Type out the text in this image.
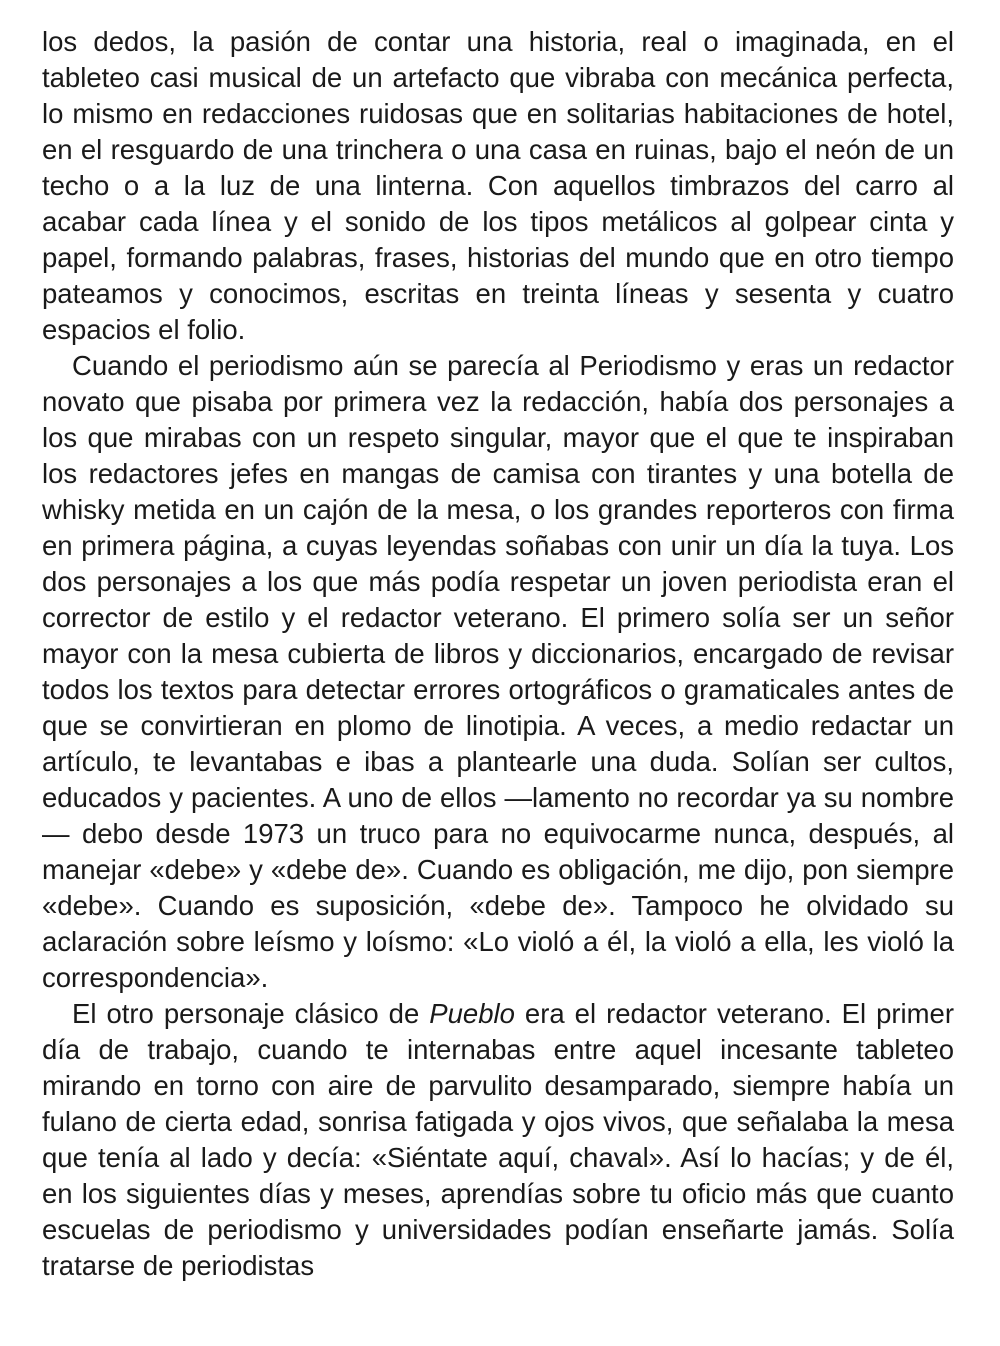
los dedos, la pasión de contar una historia, real o imaginada, en el tableteo casi musical de un artefacto que vibraba con mecánica perfecta, lo mismo en redacciones ruidosas que en solitarias habitaciones de hotel, en el resguardo de una trinchera o una casa en ruinas, bajo el neón de un techo o a la luz de una linterna. Con aquellos timbrazos del carro al acabar cada línea y el sonido de los tipos metálicos al golpear cinta y papel, formando palabras, frases, historias del mundo que en otro tiempo pateamos y conocimos, escritas en treinta líneas y sesenta y cuatro espacios el folio.

Cuando el periodismo aún se parecía al Periodismo y eras un redactor novato que pisaba por primera vez la redacción, había dos personajes a los que mirabas con un respeto singular, mayor que el que te inspiraban los redactores jefes en mangas de camisa con tirantes y una botella de whisky metida en un cajón de la mesa, o los grandes reporteros con firma en primera página, a cuyas leyendas soñabas con unir un día la tuya. Los dos personajes a los que más podía respetar un joven periodista eran el corrector de estilo y el redactor veterano. El primero solía ser un señor mayor con la mesa cubierta de libros y diccionarios, encargado de revisar todos los textos para detectar errores ortográficos o gramaticales antes de que se convirtieran en plomo de linotipia. A veces, a medio redactar un artículo, te levantabas e ibas a plantearle una duda. Solían ser cultos, educados y pacientes. A uno de ellos —lamento no recordar ya su nombre— debo desde 1973 un truco para no equivocarme nunca, después, al manejar «debe» y «debe de». Cuando es obligación, me dijo, pon siempre «debe». Cuando es suposición, «debe de». Tampoco he olvidado su aclaración sobre leísmo y loísmo: «Lo violó a él, la violó a ella, les violó la correspondencia».

El otro personaje clásico de Pueblo era el redactor veterano. El primer día de trabajo, cuando te internabas entre aquel incesante tableteo mirando en torno con aire de parvulito desamparado, siempre había un fulano de cierta edad, sonrisa fatigada y ojos vivos, que señalaba la mesa que tenía al lado y decía: «Siéntate aquí, chaval». Así lo hacías; y de él, en los siguientes días y meses, aprendías sobre tu oficio más que cuanto escuelas de periodismo y universidades podían enseñarte jamás. Solía tratarse de periodistas
